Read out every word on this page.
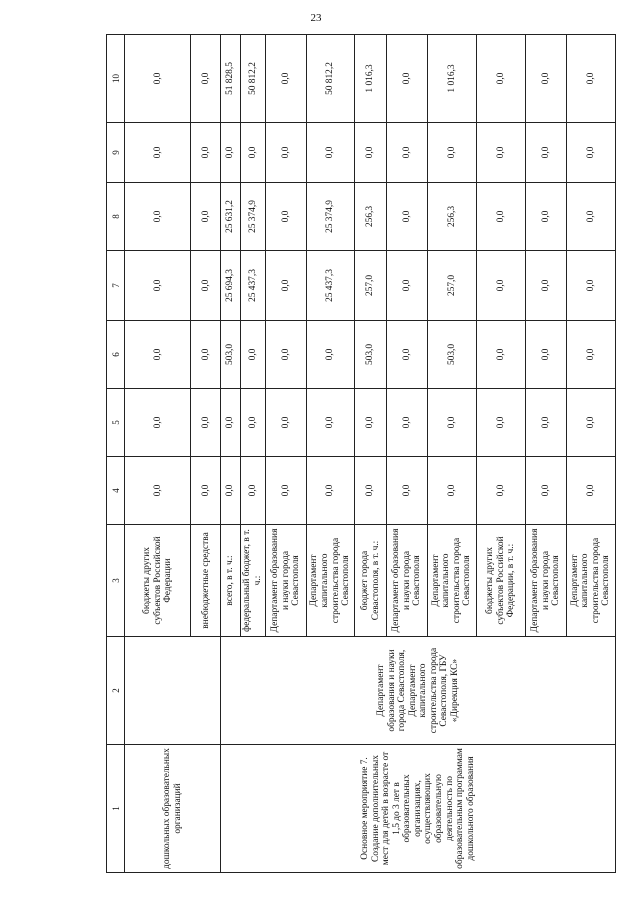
23
1	2	3	4	5	6	7	8	9	10
дошкольных образовательных организаций		бюджеты других субъектов Российской Федерации	0,0	0,0	0,0	0,0	0,0	0,0	0,0
		внебюджетные средства	0,0	0,0	0,0	0,0	0,0	0,0	0,0
Основное мероприятие 7. Создание дополнительных мест для детей в возрасте от 1,5 до 3 лет в образовательных организациях, осуществляющих образовательную деятельность по образовательным программам дошкольного образования	Департамент образования и науки города Севастополя, Департамент капитального строительства города Севастополя, ГБУ «Дирекция КС»	всего, в т. ч.:	0,0	0,0	503,0	25 694,3	25 631,2	0,0	51 828,5
		федеральный бюджет, в т. ч.:	0,0	0,0	0,0	25 437,3	25 374,9	0,0	50 812,2
		Департамент образования и науки города Севастополя	0,0	0,0	0,0	0,0	0,0	0,0	0,0
		Департамент капитального строительства города Севастополя	0,0	0,0	0,0	25 437,3	25 374,9	0,0	50 812,2
		бюджет города Севастополя, в т. ч.:	0,0	0,0	503,0	257,0	256,3	0,0	1 016,3
		Департамент образования и науки города Севастополя	0,0	0,0	0,0	0,0	0,0	0,0	0,0
		Департамент капитального строительства города Севастополя	0,0	0,0	503,0	257,0	256,3	0,0	1 016,3
		бюджеты других субъектов Российской Федерации, в т. ч.:	0,0	0,0	0,0	0,0	0,0	0,0	0,0
		Департамент образования и науки города Севастополя	0,0	0,0	0,0	0,0	0,0	0,0	0,0
		Департамент капитального строительства города Севастополя	0,0	0,0	0,0	0,0	0,0	0,0	0,0
